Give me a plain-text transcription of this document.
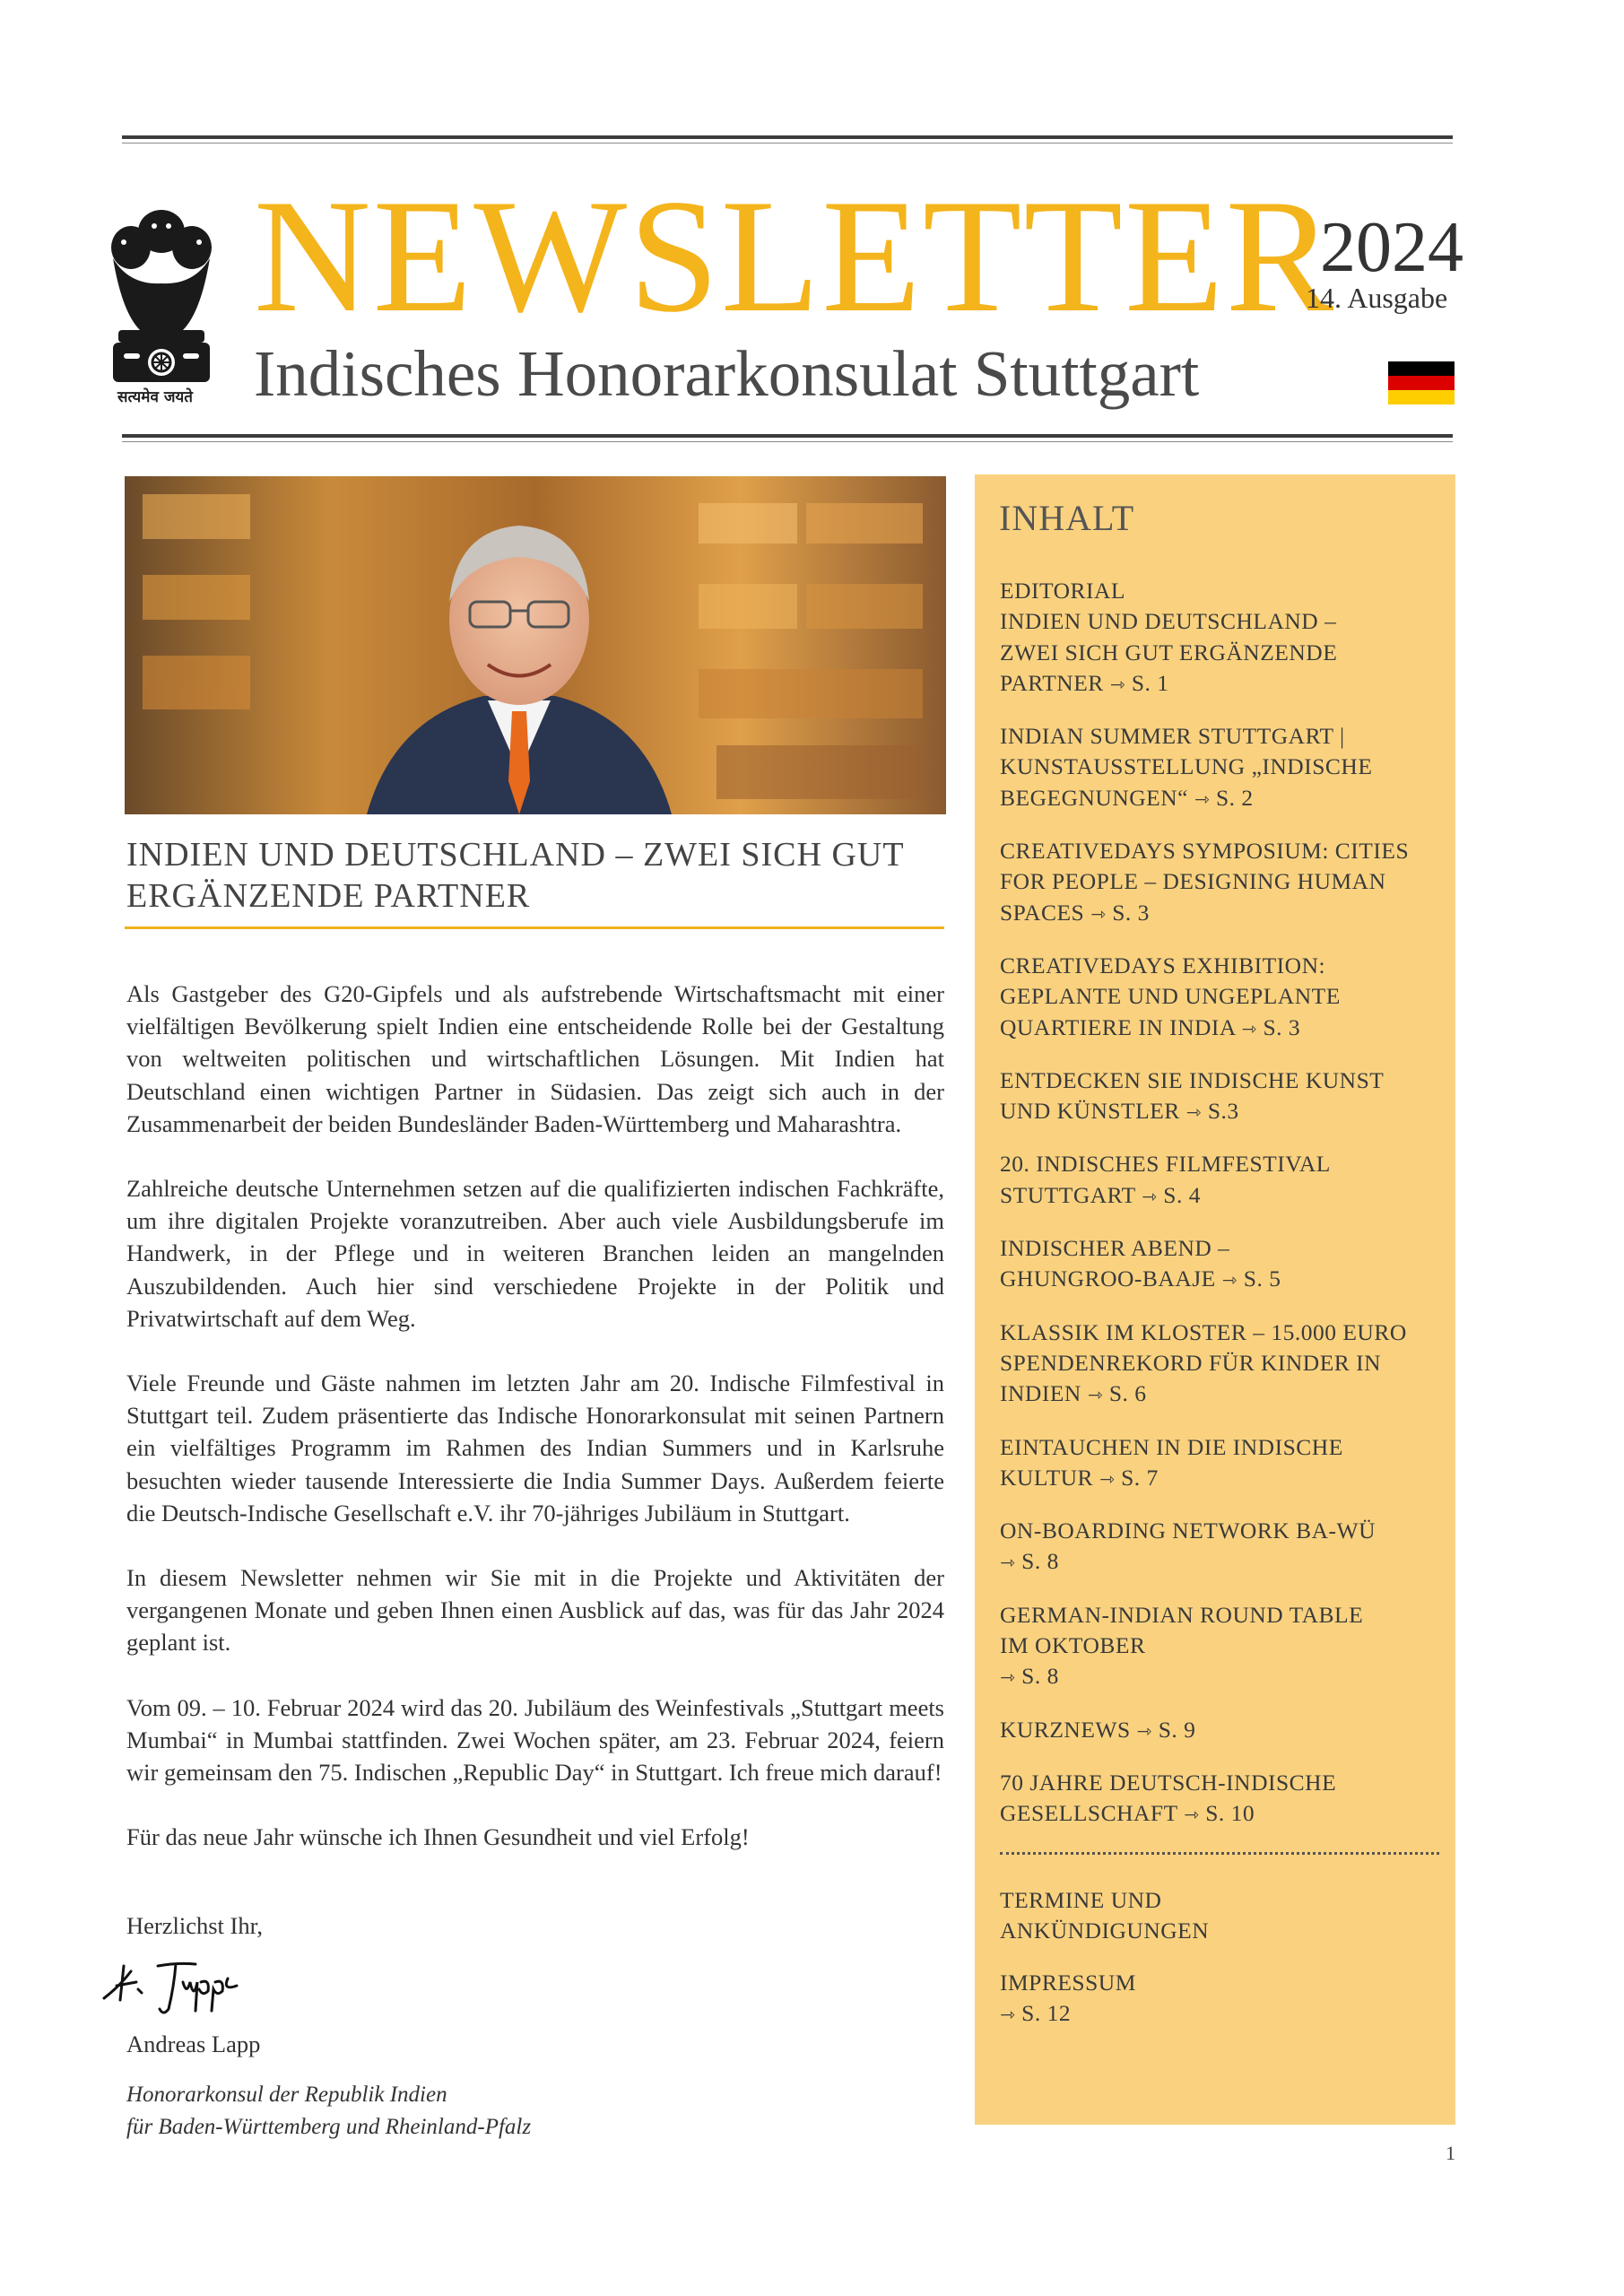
सत्यमेव जयते
NEWSLETTER
2024
14. Ausgabe
Indisches Honorarkonsulat Stuttgart
INDIEN UND DEUTSCHLAND – ZWEI SICH GUT ERGÄNZENDE PARTNER

Als Gastgeber des G20-Gipfels und als aufstrebende Wirtschaftsmacht mit einer vielfältigen Bevölkerung spielt Indien eine entscheidende Rolle bei der Gestaltung von weltweiten politischen und wirtschaftlichen Lösungen. Mit Indien hat Deutschland einen wichtigen Partner in Südasien. Das zeigt sich auch in der Zusammenarbeit der beiden Bundesländer Baden-Württemberg und Maharashtra.

Zahlreiche deutsche Unternehmen setzen auf die qualifizierten indischen Fachkräfte, um ihre digitalen Projekte voranzutreiben. Aber auch viele Ausbildungsberufe im Handwerk, in der Pflege und in weiteren Branchen leiden an mangelnden Auszubildenden. Auch hier sind verschiedene Projekte in der Politik und Privatwirtschaft auf dem Weg.

Viele Freunde und Gäste nahmen im letzten Jahr am 20. Indische Filmfestival in Stuttgart teil. Zudem präsentierte das Indische Honorarkonsulat mit seinen Partnern ein vielfältiges Programm im Rahmen des Indian Summers und in Karlsruhe besuchten wieder tausende Interessierte die India Summer Days. Außerdem feierte die Deutsch-Indische Gesellschaft e.V. ihr 70-jähriges Jubiläum in Stuttgart.

In diesem Newsletter nehmen wir Sie mit in die Projekte und Aktivitäten der vergangenen Monate und geben Ihnen einen Ausblick auf das, was für das Jahr 2024 geplant ist.

Vom 09. – 10. Februar 2024 wird das 20. Jubiläum des Weinfestivals „Stuttgart meets Mumbai“ in Mumbai stattfinden. Zwei Wochen später, am 23. Februar 2024, feiern wir gemeinsam den 75. Indischen „Republic Day“ in Stuttgart. Ich freue mich darauf!

Für das neue Jahr wünsche ich Ihnen Gesundheit und viel Erfolg!

Herzlichst Ihr,
Andreas Lapp
Honorarkonsul der Republik Indien
für Baden-Württemberg und Rheinland-Pfalz
INHALT
EDITORIAL
INDIEN UND DEUTSCHLAND –
ZWEI SICH GUT ERGÄNZENDE
PARTNER ⇾ S. 1
INDIAN SUMMER STUTTGART |
KUNSTAUSSTELLUNG „INDISCHE
BEGEGNUNGEN“ ⇾ S. 2
CREATIVEDAYS SYMPOSIUM: CITIES
FOR PEOPLE – DESIGNING HUMAN
SPACES ⇾ S. 3
CREATIVEDAYS EXHIBITION:
GEPLANTE UND UNGEPLANTE
QUARTIERE IN INDIA ⇾ S. 3
ENTDECKEN SIE INDISCHE KUNST
UND KÜNSTLER ⇾ S.3
20. INDISCHES FILMFESTIVAL
STUTTGART ⇾ S. 4
INDISCHER ABEND –
GHUNGROO-BAAJE ⇾ S. 5
KLASSIK IM KLOSTER – 15.000 EURO
SPENDENREKORD FÜR KINDER IN
INDIEN ⇾ S. 6
EINTAUCHEN IN DIE INDISCHE
KULTUR ⇾ S. 7
ON-BOARDING NETWORK BA-WÜ
⇾ S. 8
GERMAN-INDIAN ROUND TABLE
IM OKTOBER
⇾ S. 8
KURZNEWS ⇾ S. 9
70 JAHRE DEUTSCH-INDISCHE
GESELLSCHAFT ⇾ S. 10
TERMINE UND
ANKÜNDIGUNGEN
IMPRESSUM
⇾ S. 12
1
